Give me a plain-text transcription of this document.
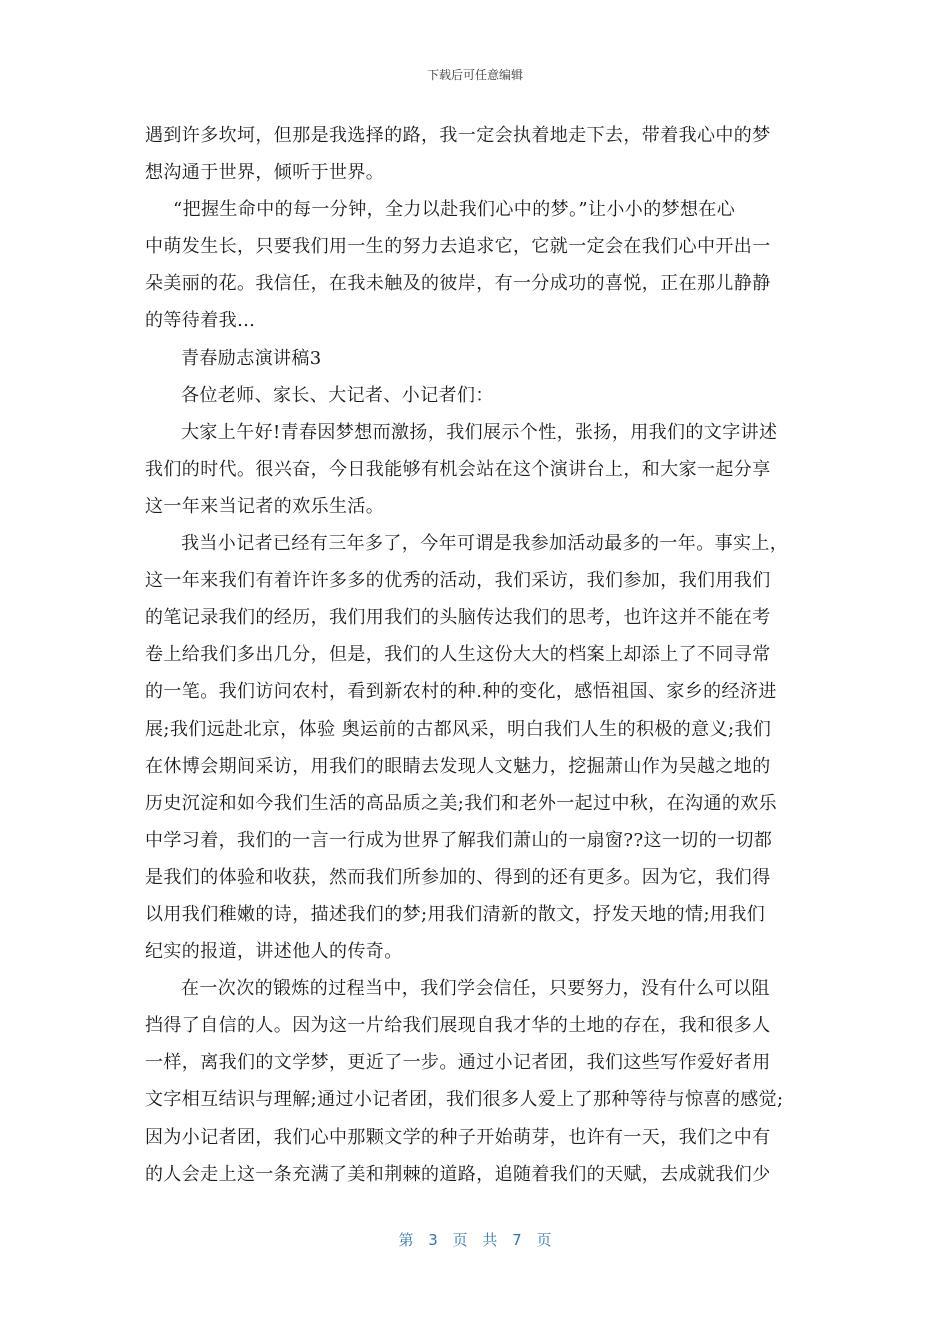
下载后可任意编辑
遇到许多坎坷，但那是我选择的路，我一定会执着地走下去，带着我心中的梦
想沟通于世界，倾听于世界。
“把握生命中的每一分钟，全力以赴我们心中的梦。”让小小的梦想在心
中萌发生长，只要我们用一生的努力去追求它，它就一定会在我们心中开出一
朵美丽的花。我信任，在我未触及的彼岸，有一分成功的喜悦，正在那儿静静
的等待着我…
青春励志演讲稿3
各位老师、家长、大记者、小记者们：
大家上午好!青春因梦想而激扬，我们展示个性，张扬，用我们的文字讲述
我们的时代。很兴奋，今日我能够有机会站在这个演讲台上，和大家一起分享
这一年来当记者的欢乐生活。
我当小记者已经有三年多了，今年可谓是我参加活动最多的一年。事实上，
这一年来我们有着许许多多的优秀的活动，我们采访，我们参加，我们用我们
的笔记录我们的经历，我们用我们的头脑传达我们的思考，也许这并不能在考
卷上给我们多出几分，但是，我们的人生这份大大的档案上却添上了不同寻常
的一笔。我们访问农村，看到新农村的种.种的变化，感悟祖国、家乡的经济进
展;我们远赴北京，体验 奥运前的古都风采，明白我们人生的积极的意义;我们
在休博会期间采访，用我们的眼睛去发现人文魅力，挖掘萧山作为吴越之地的
历史沉淀和如今我们生活的高品质之美;我们和老外一起过中秋，在沟通的欢乐
中学习着，我们的一言一行成为世界了解我们萧山的一扇窗??这一切的一切都
是我们的体验和收获，然而我们所参加的、得到的还有更多。因为它，我们得
以用我们稚嫩的诗，描述我们的梦;用我们清新的散文，抒发天地的情;用我们
纪实的报道，讲述他人的传奇。
在一次次的锻炼的过程当中，我们学会信任，只要努力，没有什么可以阻
挡得了自信的人。因为这一片给我们展现自我才华的土地的存在，我和很多人
一样，离我们的文学梦，更近了一步。通过小记者团，我们这些写作爱好者用
文字相互结识与理解;通过小记者团，我们很多人爱上了那种等待与惊喜的感觉;
因为小记者团，我们心中那颗文学的种子开始萌芽，也许有一天，我们之中有
的人会走上这一条充满了美和荆棘的道路，追随着我们的天赋，去成就我们少
第 3 页 共 7 页
